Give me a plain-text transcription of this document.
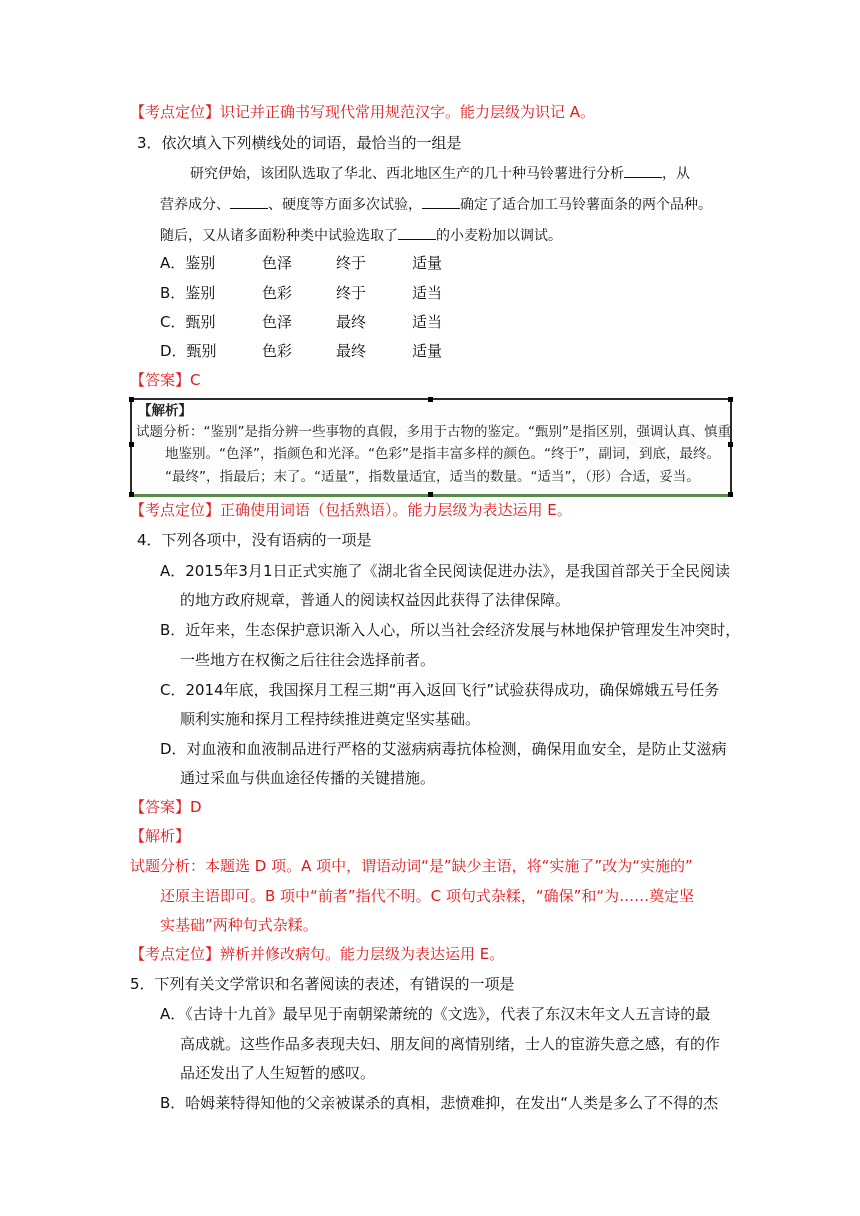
【考点定位】识记并正确书写现代常用规范汉字。能力层级为识记 A。
3．依次填入下列横线处的词语，最恰当的一组是
研究伊始，该团队选取了华北、西北地区生产的几十种马铃薯进行分析	，从
营养成分、	、硬度等方面多次试验，	确定了适合加工马铃薯面条的两个品种。
随后，又从诸多面粉种类中试验选取了	的小麦粉加以调试。
A．鉴别	色泽	终于	适量
B．鉴别	色彩	终于	适当
C．甄别	色泽	最终	适当
D．甄别	色彩	最终	适量
【答案】C
【解析】
试题分析：“鉴别”是指分辨一些事物的真假，多用于古物的鉴定。“甄别”是指区别，强调认真、慎重
地鉴别。“色泽”，指颜色和光泽。“色彩”是指丰富多样的颜色。“终于”，副词，到底，最终。
“最终”，指最后；末了。“适量”，指数量适宜，适当的数量。“适当”，（形）合适，妥当。
【考点定位】正确使用词语（包括熟语）。能力层级为表达运用 E。
4．下列各项中，没有语病的一项是
A．2015年3月1日正式实施了《湖北省全民阅读促进办法》，是我国首部关于全民阅读
的地方政府规章，普通人的阅读权益因此获得了法律保障。
B．近年来，生态保护意识渐入人心，所以当社会经济发展与林地保护管理发生冲突时，
一些地方在权衡之后往往会选择前者。
C．2014年底，我国探月工程三期“再入返回飞行”试验获得成功，确保嫦娥五号任务
顺利实施和探月工程持续推进奠定坚实基础。
D．对血液和血液制品进行严格的艾滋病病毒抗体检测，确保用血安全，是防止艾滋病
通过采血与供血途径传播的关键措施。
【答案】D
【解析】
试题分析：本题选 D 项。A 项中，谓语动词“是”缺少主语，将“实施了”改为“实施的”
还原主语即可。B 项中“前者”指代不明。C 项句式杂糅，“确保”和“为……奠定坚
实基础”两种句式杂糅。
【考点定位】辨析并修改病句。能力层级为表达运用 E。
5．下列有关文学常识和名著阅读的表述，有错误的一项是
A．《古诗十九首》最早见于南朝梁萧统的《文选》，代表了东汉末年文人五言诗的最
高成就。这些作品多表现夫妇、朋友间的离情别绪，士人的宦游失意之感，有的作
品还发出了人生短暂的感叹。
B．哈姆莱特得知他的父亲被谋杀的真相，悲愤难抑，在发出“人类是多么了不得的杰
